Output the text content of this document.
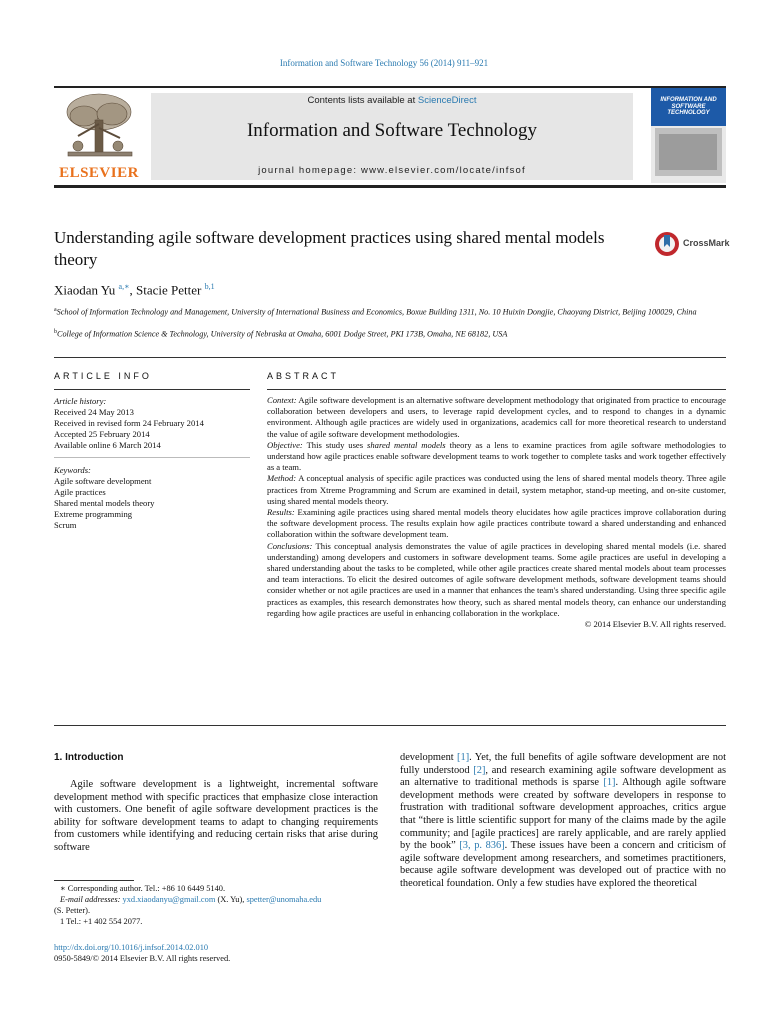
Information and Software Technology 56 (2014) 911–921
ELSEVIER
Contents lists available at ScienceDirect
Information and Software Technology
journal homepage: www.elsevier.com/locate/infsof
INFORMATION AND SOFTWARE TECHNOLOGY
Understanding agile software development practices using shared mental models theory
CrossMark
Xiaodan Yu $^{a,∗}$, Stacie Petter $^{b,1}$
$^a$School of Information Technology and Management, University of International Business and Economics, Boxue Building 1311, No. 10 Huixin Dongjie, Chaoyang District, Beijing 100029, China
$^b$College of Information Science & Technology, University of Nebraska at Omaha, 6001 Dodge Street, PKI 173B, Omaha, NE 68182, USA
ARTICLE INFO	ABSTRACT
Article history:
Received 24 May 2013
Received in revised form 24 February 2014
Accepted 25 February 2014
Available online 6 March 2014
Keywords:
Agile software development
Agile practices
Shared mental models theory
Extreme programming
Scrum
Context: Agile software development is an alternative software development methodology that originated from practice to encourage collaboration between developers and users, to leverage rapid development cycles, and to respond to changes in a dynamic environment. Although agile practices are widely used in organizations, academics call for more theoretical research to understand the value of agile software development methodologies.
Objective: This study uses shared mental models theory as a lens to examine practices from agile software methodologies to understand how agile practices enable software development teams to work together to complete tasks and work together effectively as a team.
Method: A conceptual analysis of specific agile practices was conducted using the lens of shared mental models theory. Three agile practices from Xtreme Programming and Scrum are examined in detail, system metaphor, stand-up meeting, and on-site customer, using shared mental models theory.
Results: Examining agile practices using shared mental models theory elucidates how agile practices improve collaboration during the software development process. The results explain how agile practices contribute toward a shared understanding and enhanced collaboration within the software development team.
Conclusions: This conceptual analysis demonstrates the value of agile practices in developing shared mental models (i.e. shared understanding) among developers and customers in software development teams. Some agile practices are useful in developing a shared understanding about the tasks to be completed, while other agile practices create shared mental models about team processes and team interactions. To elicit the desired outcomes of agile software development methods, software development teams should consider whether or not agile practices are used in a manner that enhances the team's shared understanding. Using three specific agile practices as examples, this research demonstrates how theory, such as shared mental models theory, can enhance our understanding regarding how agile practices are useful in enhancing collaboration in the workplace.
© 2014 Elsevier B.V. All rights reserved.
1. Introduction
Agile software development is a lightweight, incremental software development method with specific practices that emphasize close interaction with customers. One benefit of agile software development practices is the ability for software development teams to adapt to changing requirements from customers while identifying and reducing certain risks that arise during software
development [1]. Yet, the full benefits of agile software development are not fully understood [2], and research examining agile software development as an alternative to traditional methods is sparse [1]. Although agile software development methods were created by software developers in response to frustration with traditional software development approaches, critics argue that “there is little scientific support for many of the claims made by the agile community; and [agile practices] are rarely applicable, and are rarely applied by the book” [3, p. 836]. These issues have been a concern and criticism of agile software development among researchers, and sometimes practitioners, because agile software development was developed out of practice with no theoretical foundation. Only a few studies have explored the theoretical
∗ Corresponding author. Tel.: +86 10 6449 5140.
E-mail addresses: yxd.xiaodanyu@gmail.com (X. Yu), spetter@unomaha.edu
(S. Petter).
1 Tel.: +1 402 554 2077.
http://dx.doi.org/10.1016/j.infsof.2014.02.010
0950-5849/© 2014 Elsevier B.V. All rights reserved.
